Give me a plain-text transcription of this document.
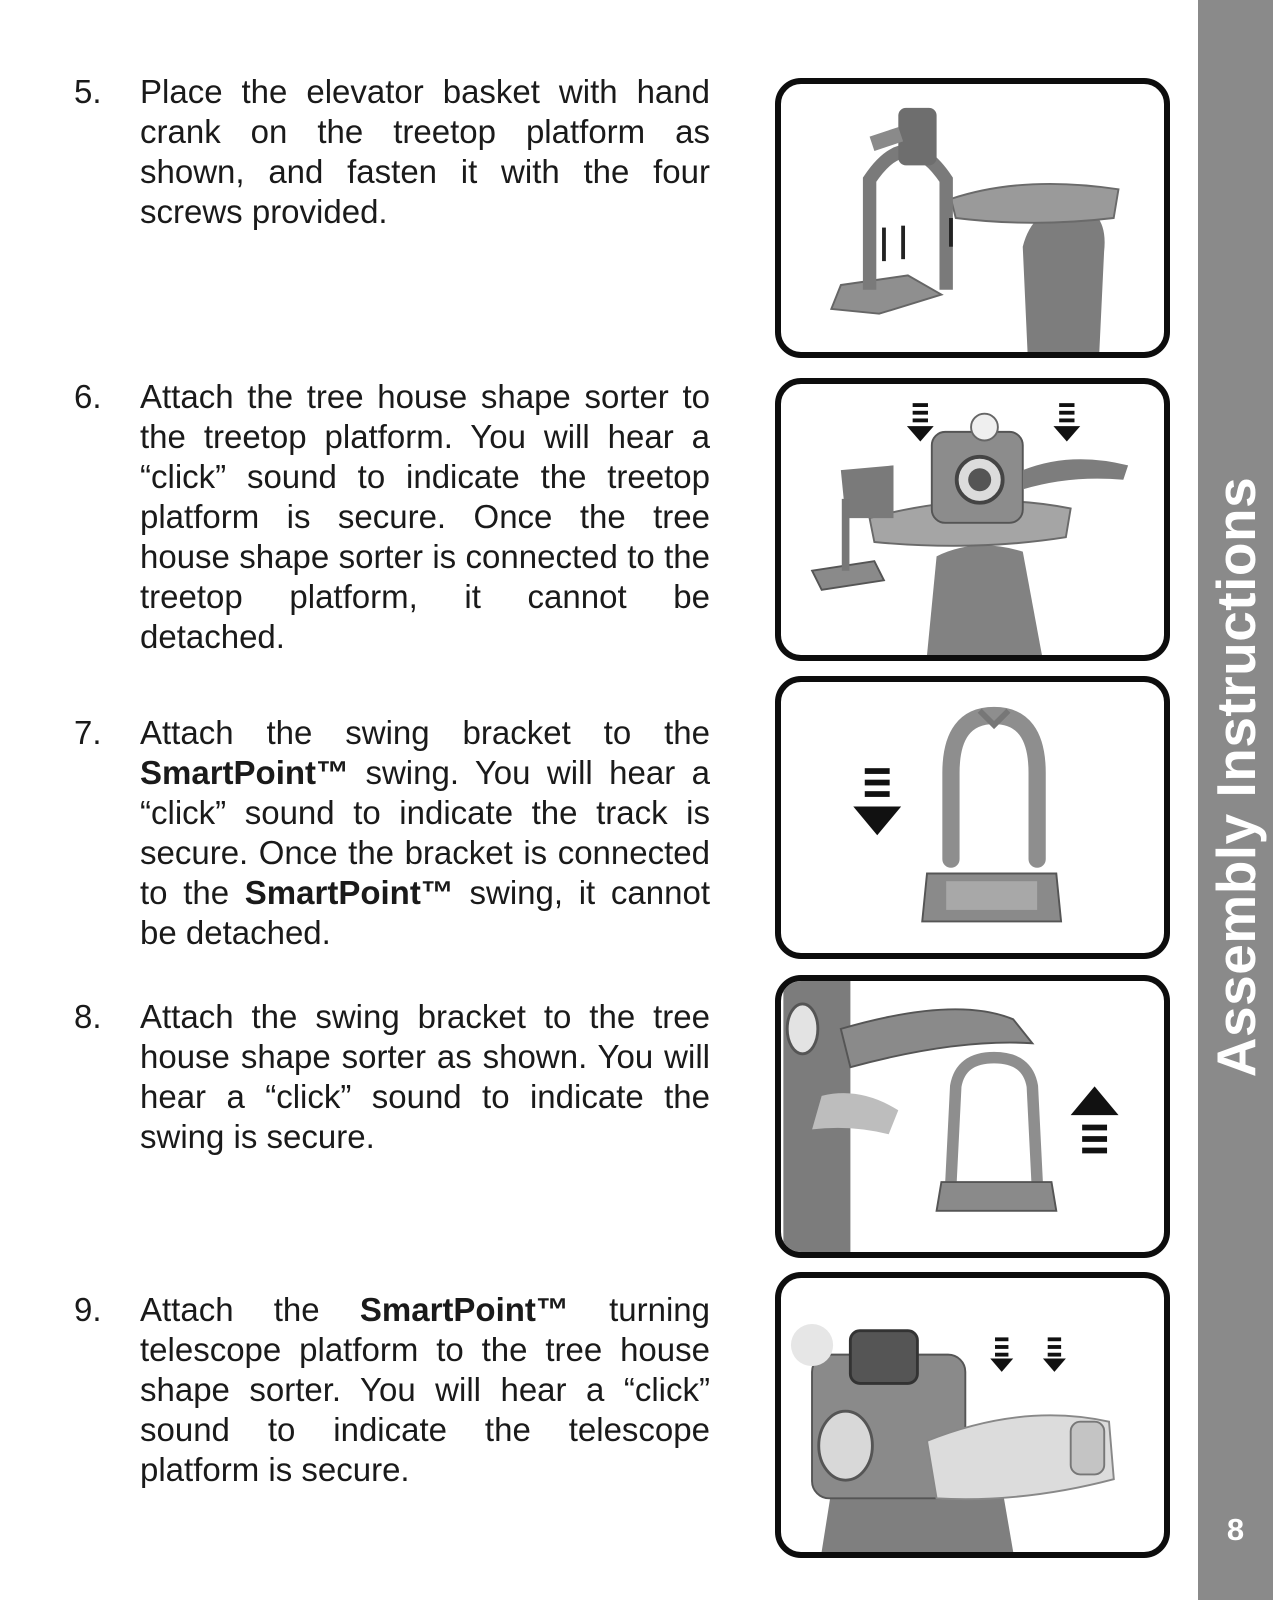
5. Place the elevator basket with hand crank on the treetop platform as shown, and fasten it with the four screws provided.
6. Attach the tree house shape sorter to the treetop platform. You will hear a “click” sound to indicate the treetop platform is secure. Once the tree house shape sorter is connected to the treetop platform, it cannot be detached.
7. Attach the swing bracket to the SmartPoint™ swing. You will hear a “click” sound to indicate the track is secure. Once the bracket is connected to the SmartPoint™ swing, it cannot be detached.
8. Attach the swing bracket to the tree house shape sorter as shown. You will hear a “click” sound to indicate the swing is secure.
9. Attach the SmartPoint™ turning telescope platform to the tree house shape sorter. You will hear a “click” sound to indicate the telescope platform is secure.
Assembly Instructions
8
